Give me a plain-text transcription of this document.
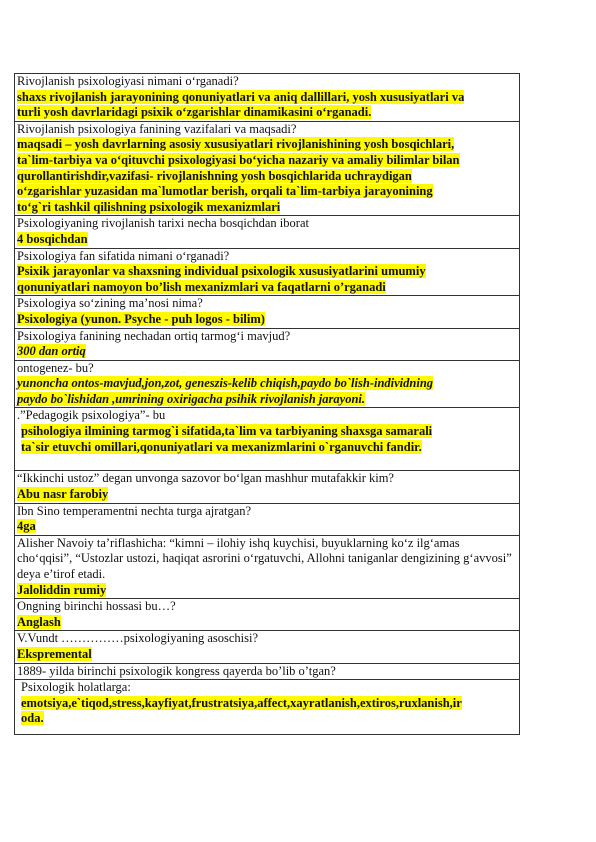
Rivojlanish psixologiyasi nimani o‘rganadi?
shaxs rivojlanish jarayonining qonuniyatlari va aniq dallillari, yosh xususiyatlari va
turli yosh davrlaridagi psixik o‘zgarishlar dinamikasini o‘rganadi.

Rivojlanish psixologiya fanining vazifalari va maqsadi?
maqsadi – yosh davrlarning asosiy xususiyatlari rivojlanishining yosh bosqichlari,
ta`lim-tarbiya va o‘qituvchi psixologiyasi bo‘yicha nazariy va amaliy bilimlar bilan
qurollantirishdir,vazifasi- rivojlanishning yosh bosqichlarida uchraydigan
o‘zgarishlar yuzasidan ma`lumotlar berish, orqali ta`lim-tarbiya jarayonining
to‘g`ri tashkil qilishning psixologik mexanizmlari

Psixologiyaning rivojlanish tarixi necha bosqichdan iborat
4 bosqichdan

Psixologiya fan sifatida nimani o‘rganadi?
Psixik jarayonlar va shaxsning individual psixologik xususiyatlarini umumiy
qonuniyatlari namoyon bo’lish mexanizmlari va faqatlarni o’rganadi

Psixologiya so‘zining ma’nosi nima?
Psixologiya (yunon. Psyche - puh logos - bilim)

Psixologiya fanining nechadan ortiq tarmog‘i mavjud?
300 dan ortiq

ontogenez- bu?
yunoncha ontos-mavjud,jon,zot, geneszis-kelib chiqish,paydo bo`lish-individning
paydo bo`lishidan ,umrining oxirigacha psihik rivojlanish jarayoni.

.”Pedagogik psixologiya”- bu
psihologiya ilmining tarmog`i sifatida,ta`lim va tarbiyaning shaxsga samarali
ta`sir etuvchi omillari,qonuniyatlari va mexanizmlarini o`rganuvchi fandir.

“Ikkinchi ustoz” degan unvonga sazovor bo‘lgan mashhur mutafakkir kim?
Abu nasr farobiy

Ibn Sino temperamentni nechta turga ajratgan?
4ga

Alisher Navoiy ta’riflashicha: “kimni – ilohiy ishq kuychisi, buyuklarning ko‘z ilg‘amas cho‘qqisi”, “Ustozlar ustozi, haqiqat asrorini o‘rgatuvchi, Allohni taniganlar dengizining g‘avvosi” deya e’tirof etadi.
Jaloliddin rumiy

Ongning birinchi hossasi bu…?
Anglash

V.Vundt ……………psixologiyaning asoschisi?
Ekspremental

1889- yilda birinchi psixologik kongress qayerda bo’lib o’tgan?

Psixologik holatlarga:
emotsiya,e`tiqod,stress,kayfiyat,frustratsiya,affect,xayratlanish,extiros,ruxlanish,ir
oda.
